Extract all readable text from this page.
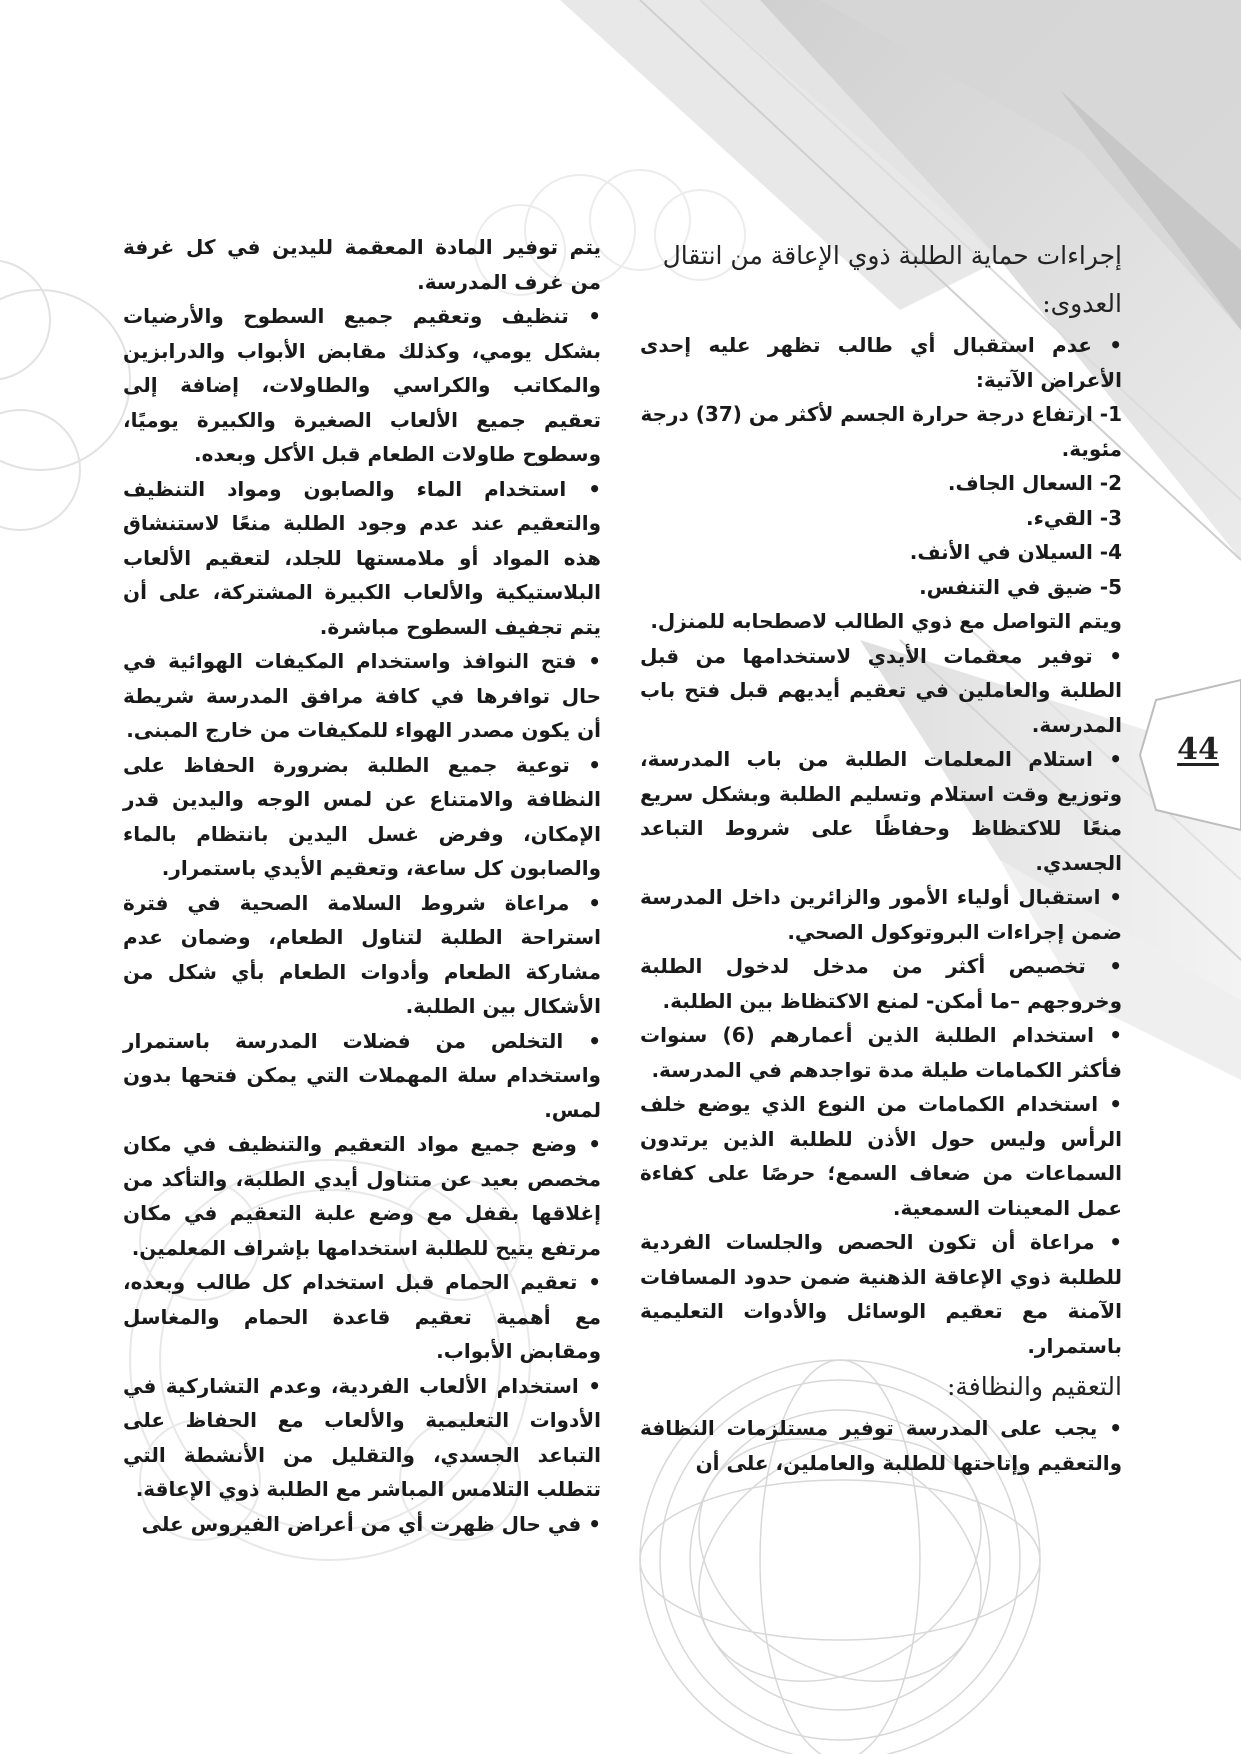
44

إجراءات حماية الطلبة ذوي الإعاقة من انتقال العدوى:

• عدم استقبال أي طالب تظهر عليه إحدى الأعراض الآتية:

1- ارتفاع درجة حرارة الجسم لأكثر من (37) درجة مئوية.

2- السعال الجاف.

3- القيء.

4- السيلان في الأنف.

5- ضيق في التنفس.

ويتم التواصل مع ذوي الطالب لاصطحابه للمنزل.

• توفير معقمات الأيدي لاستخدامها من قبل الطلبة والعاملين في تعقيم أيديهم قبل فتح باب المدرسة.

• استلام المعلمات الطلبة من باب المدرسة، وتوزيع وقت استلام وتسليم الطلبة وبشكل سريع منعًا للاكتظاظ وحفاظًا على شروط التباعد الجسدي.

• استقبال أولياء الأمور والزائرين داخل المدرسة ضمن إجراءات البروتوكول الصحي.

• تخصيص أكثر من مدخل لدخول الطلبة وخروجهم –ما أمكن- لمنع الاكتظاظ بين الطلبة.

• استخدام الطلبة الذين أعمارهم (6) سنوات فأكثر الكمامات طيلة مدة تواجدهم في المدرسة.

• استخدام الكمامات من النوع الذي يوضع خلف الرأس وليس حول الأذن للطلبة الذين يرتدون السماعات من ضعاف السمع؛ حرصًا على كفاءة عمل المعينات السمعية.

• مراعاة أن تكون الحصص والجلسات الفردية للطلبة ذوي الإعاقة الذهنية ضمن حدود المسافات الآمنة مع تعقيم الوسائل والأدوات التعليمية باستمرار.

التعقيم والنظافة:

• يجب على المدرسة توفير مستلزمات النظافة والتعقيم وإتاحتها للطلبة والعاملين، على أن

يتم توفير المادة المعقمة لليدين في كل غرفة من غرف المدرسة.

• تنظيف وتعقيم جميع السطوح والأرضيات بشكل يومي، وكذلك مقابض الأبواب والدرابزين والمكاتب والكراسي والطاولات، إضافة إلى تعقيم جميع الألعاب الصغيرة والكبيرة يوميًا، وسطوح طاولات الطعام قبل الأكل وبعده.

• استخدام الماء والصابون ومواد التنظيف والتعقيم عند عدم وجود الطلبة منعًا لاستنشاق هذه المواد أو ملامستها للجلد، لتعقيم الألعاب البلاستيكية والألعاب الكبيرة المشتركة، على أن يتم تجفيف السطوح مباشرة.

• فتح النوافذ واستخدام المكيفات الهوائية في حال توافرها في كافة مرافق المدرسة شريطة أن يكون مصدر الهواء للمكيفات من خارج المبنى.

• توعية جميع الطلبة بضرورة الحفاظ على النظافة والامتناع عن لمس الوجه واليدين قدر الإمكان، وفرض غسل اليدين بانتظام بالماء والصابون كل ساعة، وتعقيم الأيدي باستمرار.

• مراعاة شروط السلامة الصحية في فترة استراحة الطلبة لتناول الطعام، وضمان عدم مشاركة الطعام وأدوات الطعام بأي شكل من الأشكال بين الطلبة.

• التخلص من فضلات المدرسة باستمرار واستخدام سلة المهملات التي يمكن فتحها بدون لمس.

• وضع جميع مواد التعقيم والتنظيف في مكان مخصص بعيد عن متناول أيدي الطلبة، والتأكد من إغلاقها بقفل مع وضع علبة التعقيم في مكان مرتفع يتيح للطلبة استخدامها بإشراف المعلمين.

• تعقيم الحمام قبل استخدام كل طالب وبعده، مع أهمية تعقيم قاعدة الحمام والمغاسل ومقابض الأبواب.

• استخدام الألعاب الفردية، وعدم التشاركية في الأدوات التعليمية والألعاب مع الحفاظ على التباعد الجسدي، والتقليل من الأنشطة التي تتطلب التلامس المباشر مع الطلبة ذوي الإعاقة.

• في حال ظهرت أي من أعراض الفيروس على
